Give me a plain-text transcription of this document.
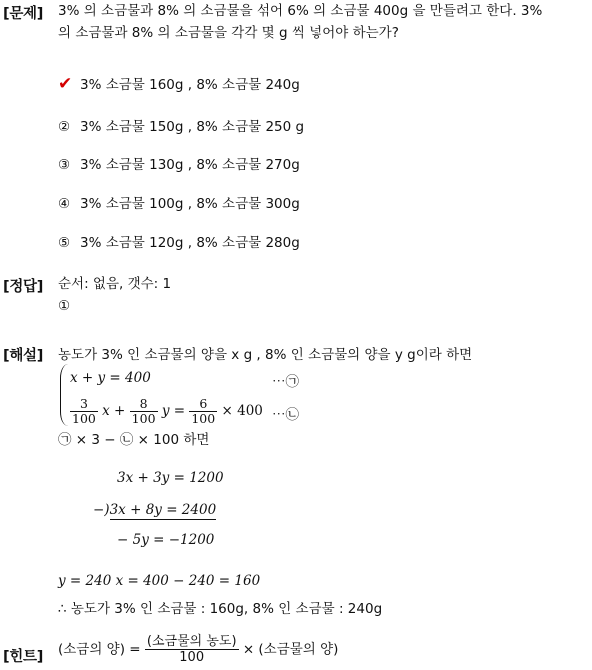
[문제] 3% 의 소금물과 8% 의 소금물을 섞어 6% 의 소금물 400g 을 만들려고 한다. 3%
의 소금물과 8% 의 소금물을 각각 몇 g 씩 넣어야 하는가?
✔ 3% 소금물 160g , 8% 소금물 240g
② 3% 소금물 150g , 8% 소금물 250 g
③ 3% 소금물 130g , 8% 소금물 270g
④ 3% 소금물 100g , 8% 소금물 300g
⑤ 3% 소금물 120g , 8% 소금물 280g
[정답] 순서: 없음, 갯수: 1
①
[해설] 농도가 3% 인 소금물의 양을 x g , 8% 인 소금물의 양을 y g이라 하면
x + y = 400	⋯㉠
$\frac{3}{100}$ $x + \frac{8}{100}$ $y = \frac{6}{100} \times 400$ ⋯㉡
㉠ × 3 − ㉡ × 100 하면
3x + 3y = 1200
−)3x + 8y = 2400
− 5y = −1200
y = 240 x = 400 − 240 = 160
∴ 농도가 3% 인 소금물 : 160g, 8% 인 소금물 : 240g
[힌트] (소금의 양) = $\frac{\text{(소금물의 농도)}}{100}$ × (소금물의 양)
